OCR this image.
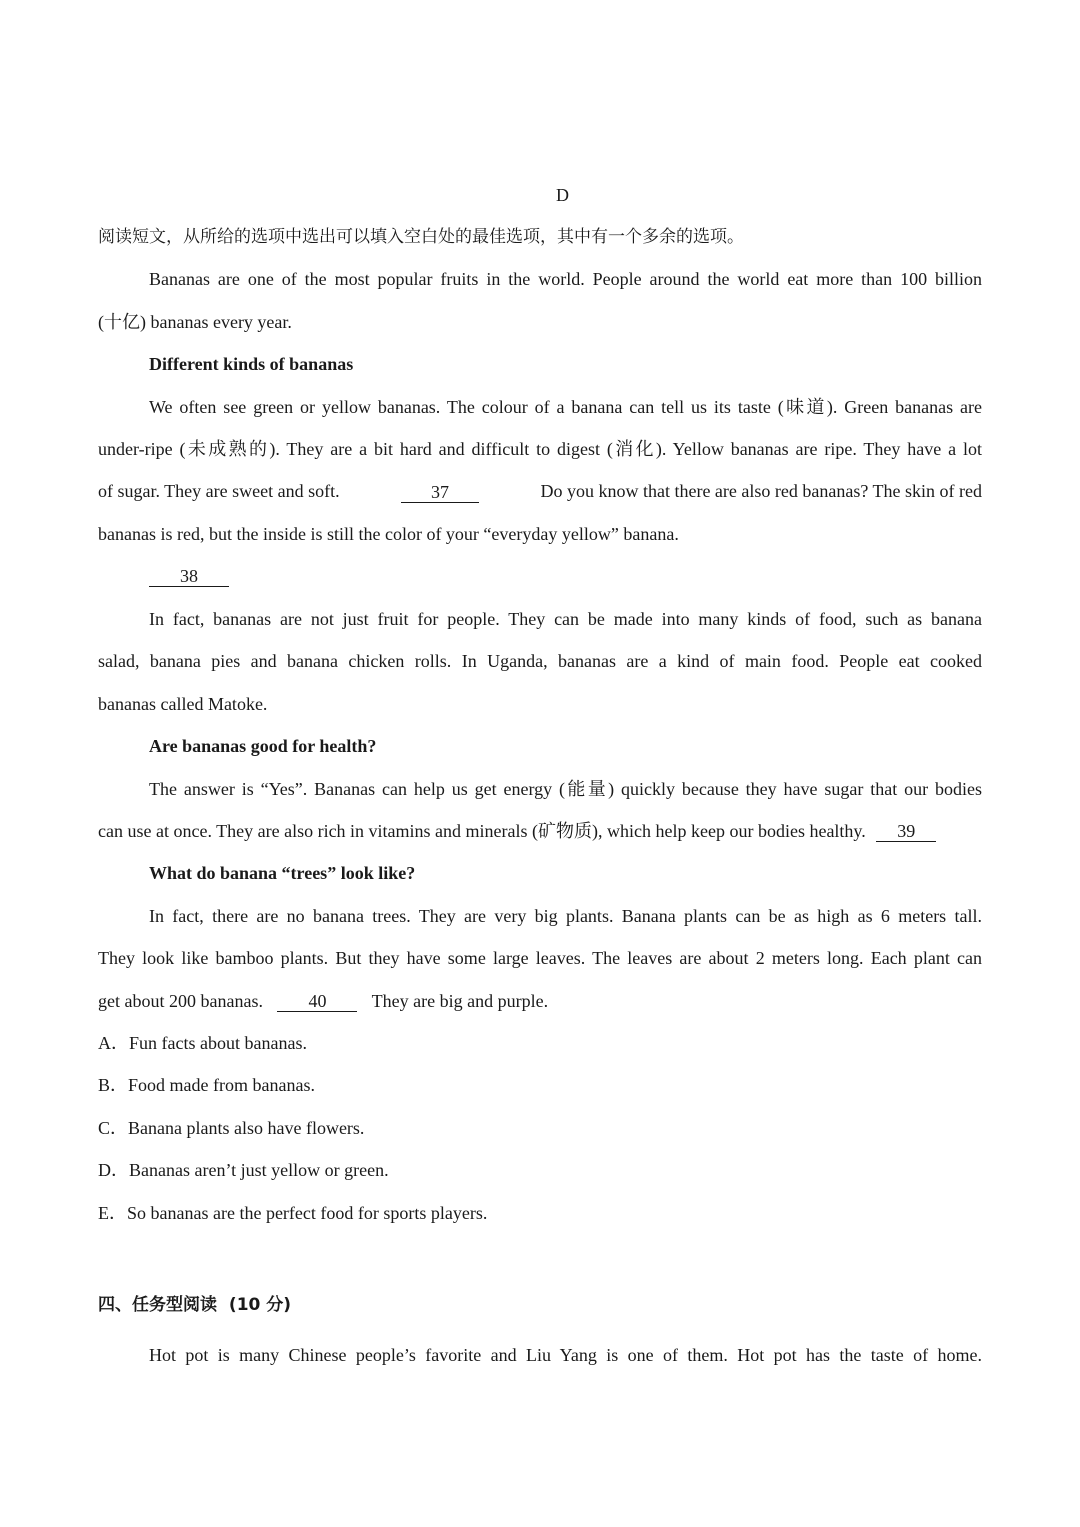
D
阅读短文，从所给的选项中选出可以填入空白处的最佳选项，其中有一个多余的选项。
Bananas are one of the most popular fruits in the world. People around the world eat more than 100 billion
(十亿) bananas every year.
Different kinds of bananas
We often see green or yellow bananas. The colour of a banana can tell us its taste (味道). Green bananas are
under-ripe (未成熟的). They are a bit hard and difficult to digest (消化). Yellow bananas are ripe. They have a lot
of sugar. They are sweet and soft.	37	Do you know that there are also red bananas? The skin of red
bananas is red, but the inside is still the color of your “everyday yellow” banana.
38
In fact, bananas are not just fruit for people. They can be made into many kinds of food, such as banana
salad, banana pies and banana chicken rolls. In Uganda, bananas are a kind of main food. People eat cooked
bananas called Matoke.
Are bananas good for health?
The answer is “Yes”. Bananas can help us get energy (能量) quickly because they have sugar that our bodies
can use at once. They are also rich in vitamins and minerals (矿物质), which help keep our bodies healthy. 39
What do banana “trees” look like?
In fact, there are no banana trees. They are very big plants. Banana plants can be as high as 6 meters tall.
They look like bamboo plants. But they have some large leaves. The leaves are about 2 meters long. Each plant can
get about 200 bananas.	40	They are big and purple.
A．Fun facts about bananas.
B．Food made from bananas.
C．Banana plants also have flowers.
D．Bananas aren’t just yellow or green.
E．So bananas are the perfect food for sports players.
四、任务型阅读 (10 分)
Hot pot is many Chinese people’s favorite and Liu Yang is one of them. Hot pot has the taste of home.
